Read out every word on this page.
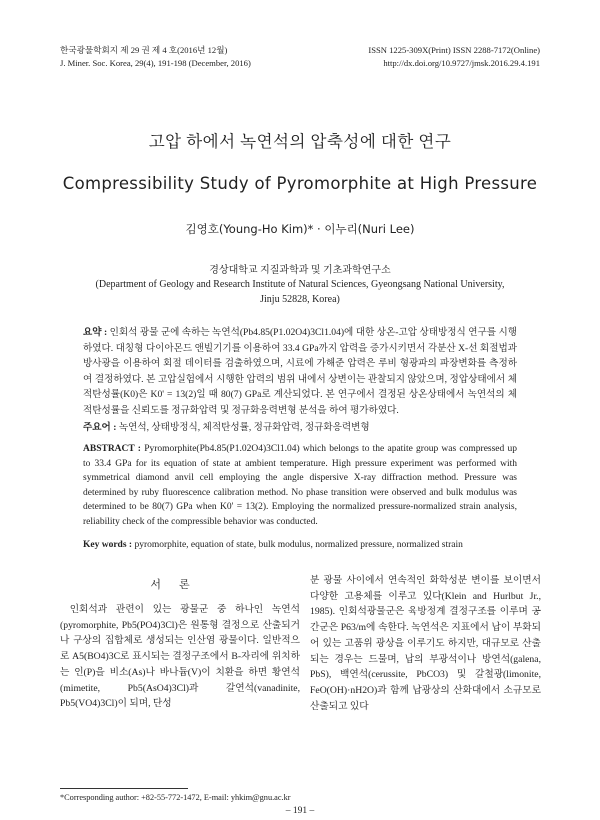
한국광물학회지 제 29 권 제 4 호(2016년 12월)
J. Miner. Soc. Korea, 29(4), 191-198 (December, 2016)
ISSN 1225-309X(Print) ISSN 2288-7172(Online)
http://dx.doi.org/10.9727/jmsk.2016.29.4.191
고압 하에서 녹연석의 압축성에 대한 연구
Compressibility Study of Pyromorphite at High Pressure
김영호(Young-Ho Kim)* · 이누리(Nuri Lee)
경상대학교 지질과학과 및 기초과학연구소
(Department of Geology and Research Institute of Natural Sciences, Gyeongsang National University, Jinju 52828, Korea)
요약 : 인회석 광물 군에 속하는 녹연석(Pb4.85(P1.02O4)3Cl1.04)에 대한 상온-고압 상태방정식 연구를 시행하였다. 대칭형 다이아몬드 앤빌기기를 이용하여 33.4 GPa까지 압력을 증가시키면서 각분산 X-선 회절법과 방사광을 이용하여 회절 데이터를 검출하였으며, 시료에 가해준 압력은 루비 형광파의 파장변화를 측정하여 결정하였다. 본 고압실험에서 시행한 압력의 범위 내에서 상변이는 관찰되지 않았으며, 정압상태에서 체적탄성률(K0)은 K0' = 13(2)일 때 80(7) GPa로 계산되었다. 본 연구에서 결정된 상온상태에서 녹연석의 체적탄성률을 신뢰도를 정규화압력 및 정규화응력변형 분석을 하여 평가하였다.
주요어 : 녹연석, 상태방정식, 체적탄성률, 정규화압력, 정규화응력변형
ABSTRACT : Pyromorphite(Pb4.85(P1.02O4)3Cl1.04) which belongs to the apatite group was compressed up to 33.4 GPa for its equation of state at ambient temperature. High pressure experiment was performed with symmetrical diamond anvil cell employing the angle dispersive X-ray diffraction method. Pressure was determined by ruby fluorescence calibration method. No phase transition were observed and bulk modulus was determined to be 80(7) GPa when K0' = 13(2). Employing the normalized pressure-normalized strain analysis, reliability check of the compressible behavior was conducted.
Key words : pyromorphite, equation of state, bulk modulus, normalized pressure, normalized strain
서론

인회석과 관련이 있는 광물군 중 하나인 녹연석(pyromorphite, Pb5(PO4)3Cl)은 원통형 결정으로 산출되거나 구상의 집합체로 생성되는 인산염 광물이다. 일반적으로 A5(BO4)3C로 표시되는 결정구조에서 B-자리에 위치하는 인(P)을 비소(As)나 바나듐(V)이 치환을 하면 황연석(mimetite, Pb5(AsO4)3Cl)과 갈연석(vanadinite, Pb5(VO4)3Cl)이 되며, 단성

분 광물 사이에서 연속적인 화학성분 변이를 보이면서 다양한 고용체를 이루고 있다(Klein and Hurlbut Jr., 1985). 인회석광물군은 육방정계 결정구조를 이루며 공간군은 P63/m에 속한다. 녹연석은 지표에서 납이 부화되어 있는 고품위 광상을 이루기도 하지만, 대규모로 산출되는 경우는 드물며, 납의 부광석이나 방연석(galena, PbS), 백연석(cerussite, PbCO3) 및 갈철광(limonite, FeO(OH)·nH2O)과 함께 납광상의 산화대에서 소규모로 산출되고 있다

*Corresponding author: +82-55-772-1472, E-mail: yhkim@gnu.ac.kr
– 191 –
